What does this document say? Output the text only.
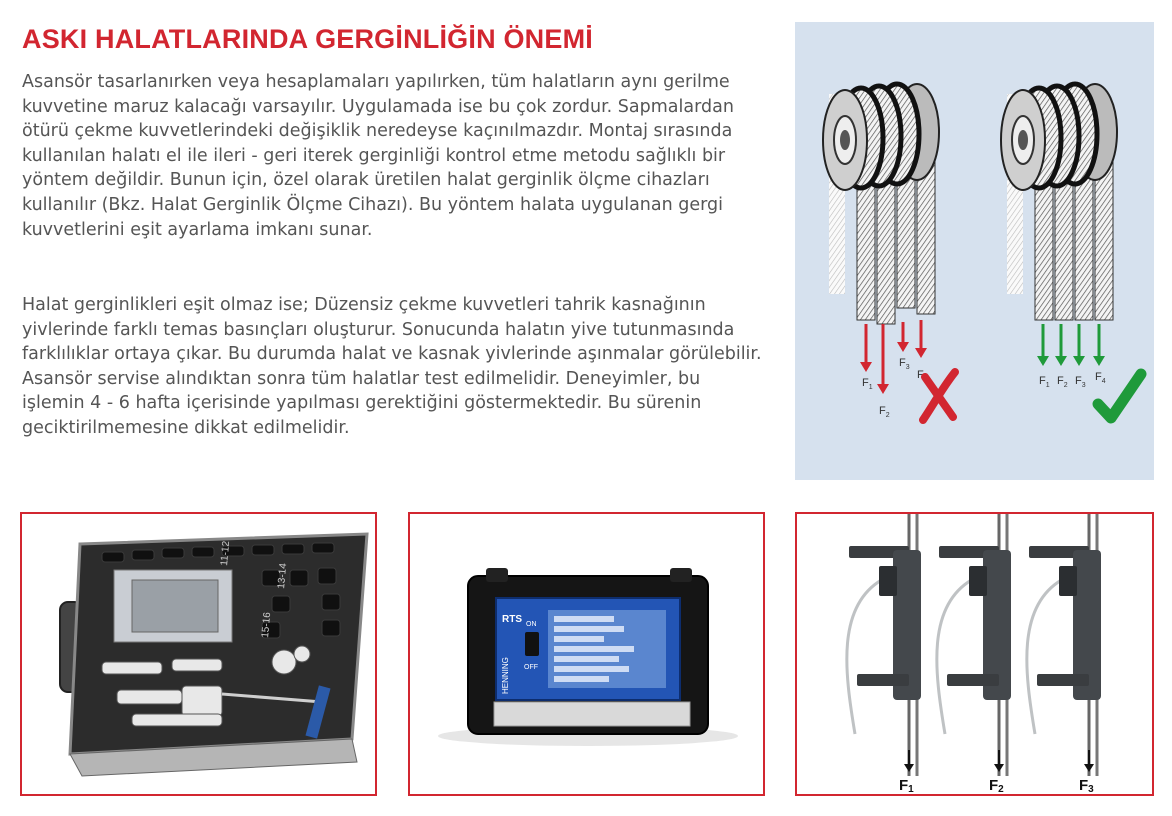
ASKI HALATLARINDA GERGİNLİĞİN ÖNEMİ

Asansör tasarlanırken veya hesaplamaları yapılırken, tüm halatların aynı gerilme kuvvetine maruz kalacağı varsayılır. Uygulamada ise bu çok zordur. Sapmalardan ötürü çekme kuvvetlerindeki değişiklik neredeyse kaçınılmazdır. Montaj sırasında kullanılan halatı el ile ileri - geri iterek gerginliği kontrol etme metodu sağlıklı bir yöntem değildir. Bunun için, özel olarak üretilen halat gerginlik ölçme cihazları kullanılır (Bkz. Halat Gerginlik Ölçme Cihazı). Bu yöntem halata uygulanan gergi kuvvetlerini eşit ayarlama imkanı sunar.

Halat gerginlikleri eşit olmaz ise; Düzensiz çekme kuvvetleri tahrik kasnağının yivlerinde farklı temas basınçları oluşturur. Sonucunda halatın yive tutunmasında farklılıklar ortaya çıkar. Bu durumda halat ve kasnak yivlerinde aşınmalar görülebilir. Asansör servise alındıktan sonra tüm halatlar test edilmelidir. Deneyimler, bu işlemin 4 - 6 hafta içerisinde yapılması gerektiğini göstermektedir. Bu sürenin geciktirilmemesine dikkat edilmelidir.

$F_1$
$F_2$
$F_3$
$F_4$	$F_1$ $F_2$ $F_3$
$F_4$
11-12
13-14
15-16	ON
OFF
RTS
HENNING
F1	F2	F3
